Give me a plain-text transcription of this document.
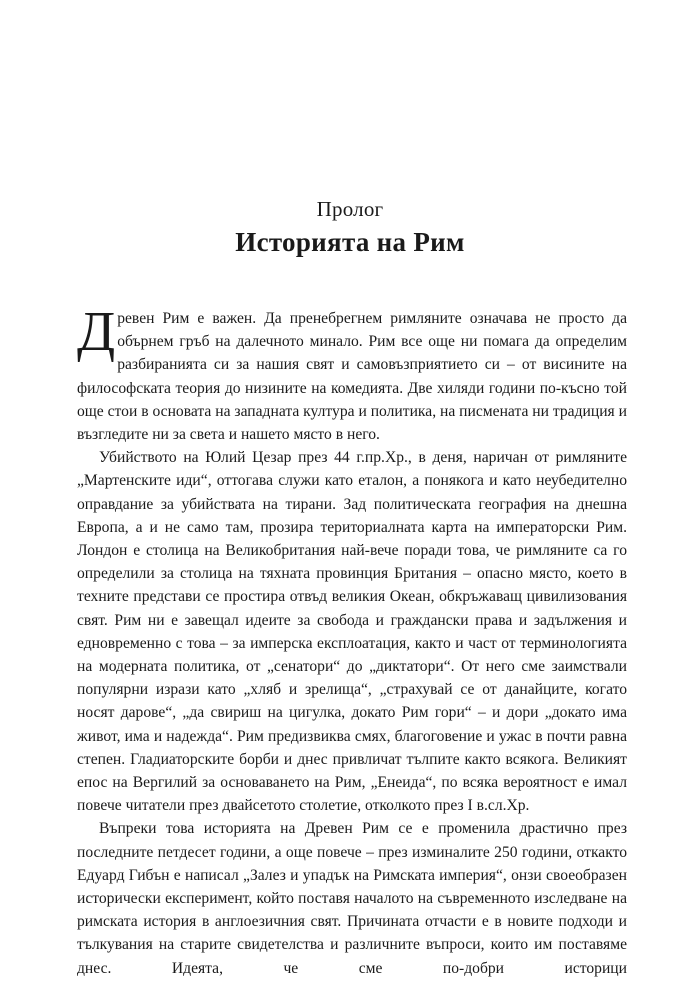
Пролог
Историята на Рим

Древен Рим е важен. Да пренебрегнем римляните означава не просто да обърнем гръб на далечното минало. Рим все още ни помага да определим разбиранията си за нашия свят и самовъзприятието си – от висините на философската теория до низините на комедията. Две хиляди години по-късно той още стои в основата на западната култура и политика, на писмената ни традиция и възгледите ни за света и нашето място в него.

Убийството на Юлий Цезар през 44 г.пр.Хр., в деня, наричан от римляните „Мартенските иди“, оттогава служи като еталон, а понякога и като неубедително оправдание за убийствата на тирани. Зад политическата география на днешна Европа, а и не само там, прозира териториалната карта на императорски Рим. Лондон е столица на Великобритания най-вече поради това, че римляните са го определили за столица на тяхната провинция Британия – опасно място, което в техните представи се простира отвъд великия Океан, обкръжаващ цивилизования свят. Рим ни е завещал идеите за свобода и граждански права и задължения и едновременно с това – за имперска експлоатация, както и част от терминологията на модерната политика, от „сенатори“ до „диктатори“. От него сме заимствали популярни изрази като „хляб и зрелища“, „страхувай се от данайците, когато носят дарове“, „да свириш на цигулка, докато Рим гори“ – и дори „докато има живот, има и надежда“. Рим предизвиква смях, благоговение и ужас в почти равна степен. Гладиаторските борби и днес привличат тълпите както всякога. Великият епос на Вергилий за основаването на Рим, „Енеида“, по всяка вероятност е имал повече читатели през двайсетото столетие, отколкото през I в.сл.Хр.

Въпреки това историята на Древен Рим се е променила драстично през последните петдесет години, а още повече – през изминалите 250 години, откакто Едуард Гибън е написал „Залез и упадък на Римската империя“, онзи своеобразен исторически експеримент, който поставя началото на съвременното изследване на римската история в англоезичния свят. Причината отчасти е в новите подходи и тълкувания на старите свидетелства и различните въпроси, които им поставяме днес. Идеята, че сме по-добри историци
